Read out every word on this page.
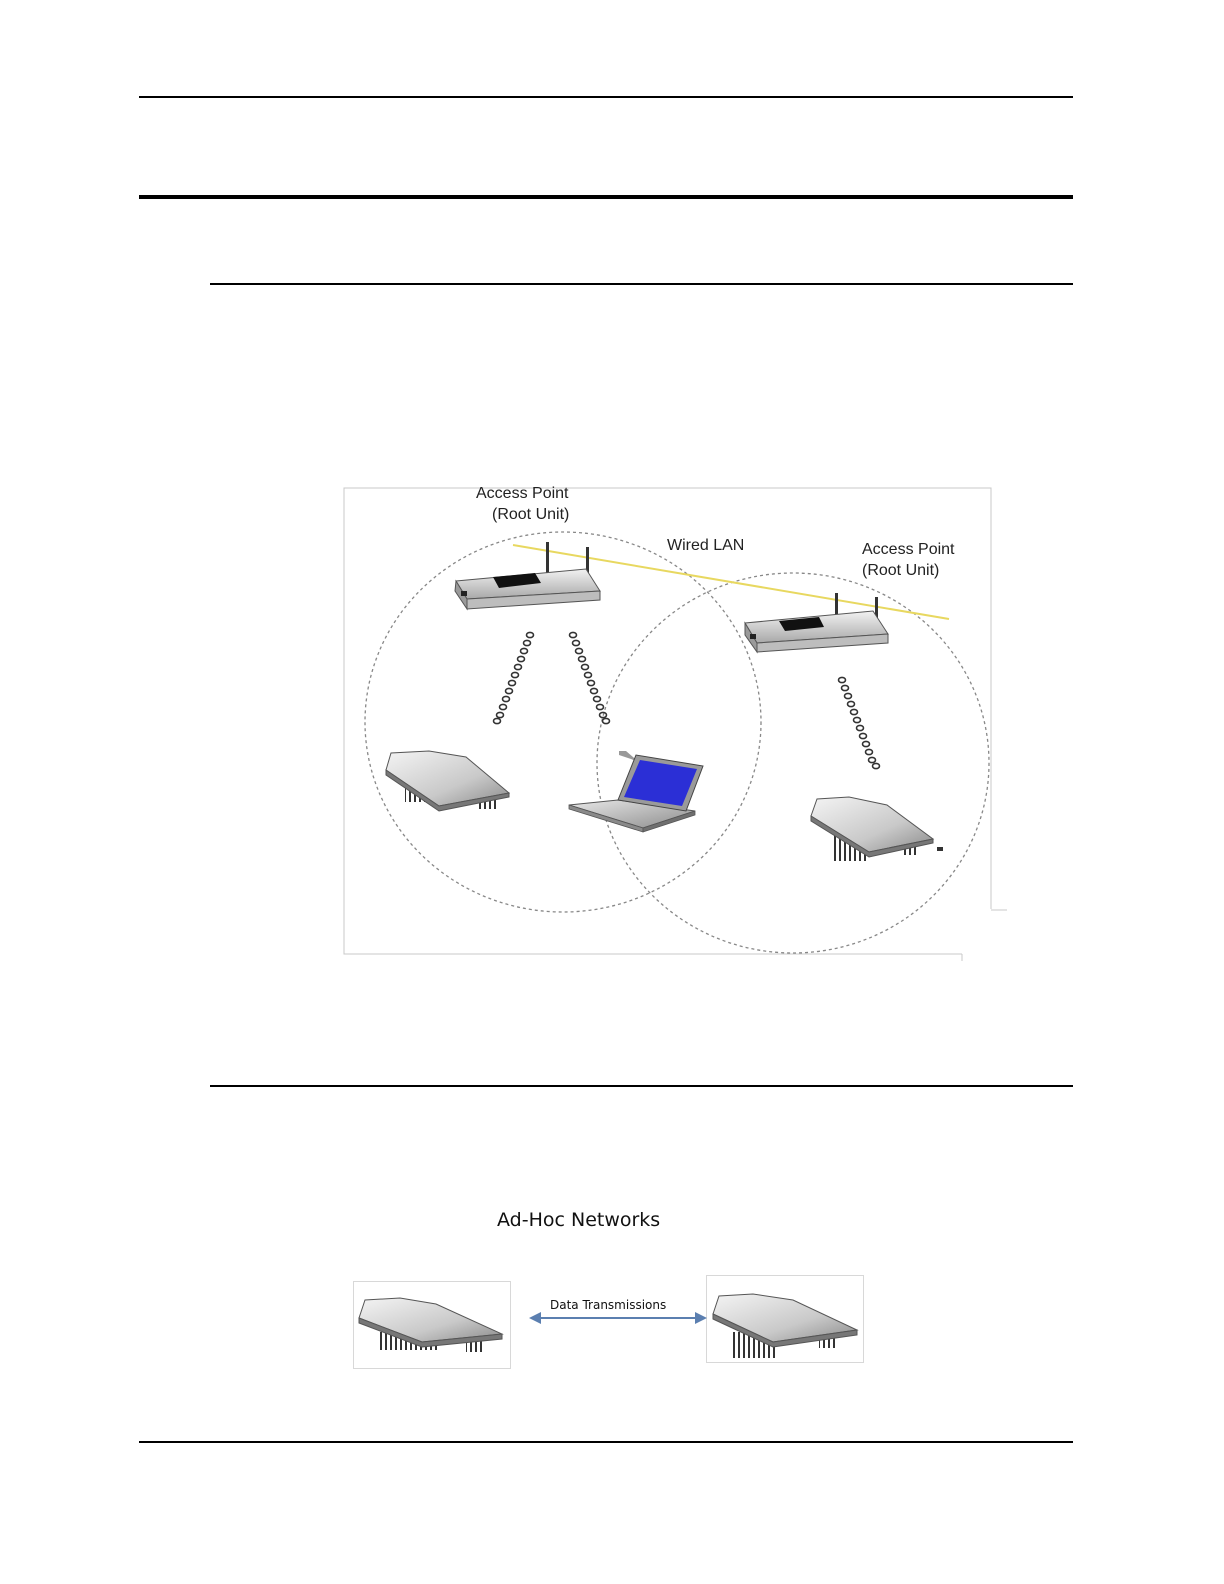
Access Point
(Root Unit)
Wired LAN	Access Point
(Root Unit)
Ad-Hoc Networks
Data Transmissions
